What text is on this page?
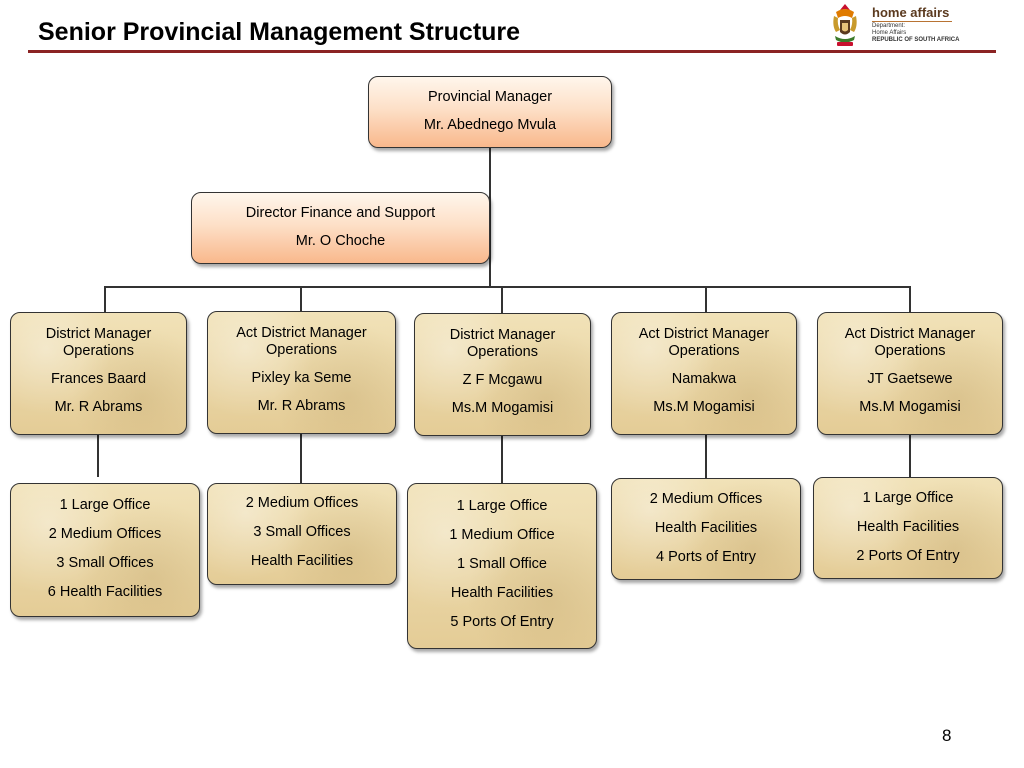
Senior Provincial Management Structure
home affairs
Department:
Home Affairs
REPUBLIC OF SOUTH AFRICA
Provincial Manager
Mr. Abednego Mvula
Director Finance and Support
Mr. O Choche
District Manager
Operations
Frances Baard
Mr. R Abrams
Act District Manager
Operations
Pixley ka Seme
Mr. R Abrams
District Manager
Operations
Z F Mcgawu
Ms.M Mogamisi
Act District Manager
Operations
Namakwa
Ms.M Mogamisi
Act District Manager
Operations
JT Gaetsewe
Ms.M Mogamisi
1 Large Office
2 Medium Offices
3 Small Offices
6 Health Facilities
2 Medium Offices
3 Small Offices
Health Facilities
1 Large Office
1 Medium Office
1 Small Office
Health Facilities
5 Ports Of Entry
2 Medium Offices
Health Facilities
4 Ports of Entry
1 Large Office
Health Facilities
2 Ports Of Entry
8
